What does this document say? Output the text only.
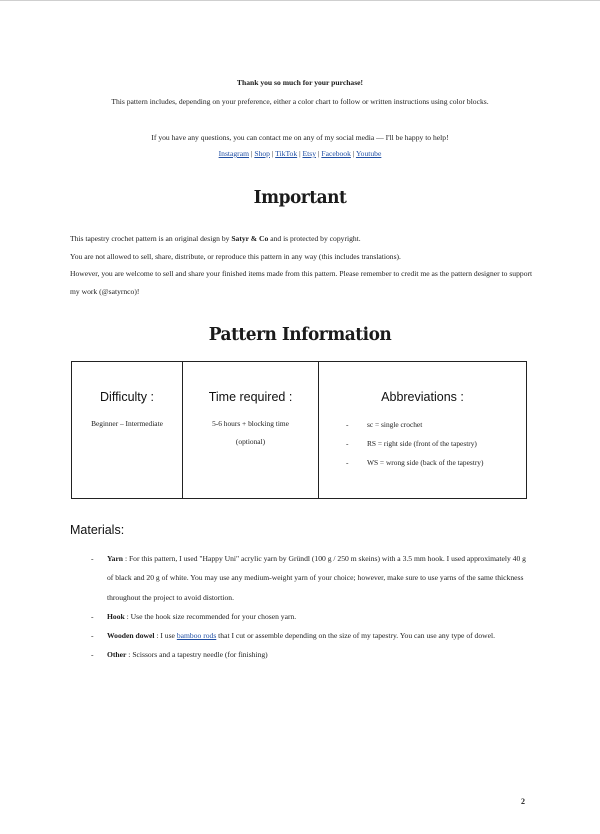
Thank you so much for your purchase!
This pattern includes, depending on your preference, either a color chart to follow or written instructions using color blocks.
If you have any questions, you can contact me on any of my social media — I'll be happy to help!
Instagram | Shop | TikTok | Etsy | Facebook | Youtube
Important
This tapestry crochet pattern is an original design by Satyr & Co and is protected by copyright.
You are not allowed to sell, share, distribute, or reproduce this pattern in any way (this includes translations).
However, you are welcome to sell and share your finished items made from this pattern. Please remember to credit me as the pattern designer to support my work (@satyrnco)!
Pattern Information
Difficulty :
Beginner – Intermediate

Time required :
5-6 hours + blocking time
(optional)

Abbreviations :
-	sc = single crochet
-	RS = right side (front of the tapestry)
-	WS = wrong side (back of the tapestry)
Materials:
- Yarn : For this pattern, I used "Happy Uni" acrylic yarn by Gründl (100 g / 250 m skeins) with a 3.5 mm hook. I used approximately 40 g of black and 20 g of white. You may use any medium-weight yarn of your choice; however, make sure to use yarns of the same thickness throughout the project to avoid distortion.
- Hook : Use the hook size recommended for your chosen yarn.
- Wooden dowel : I use bamboo rods that I cut or assemble depending on the size of my tapestry. You can use any type of dowel.
- Other : Scissors and a tapestry needle (for finishing)
2
